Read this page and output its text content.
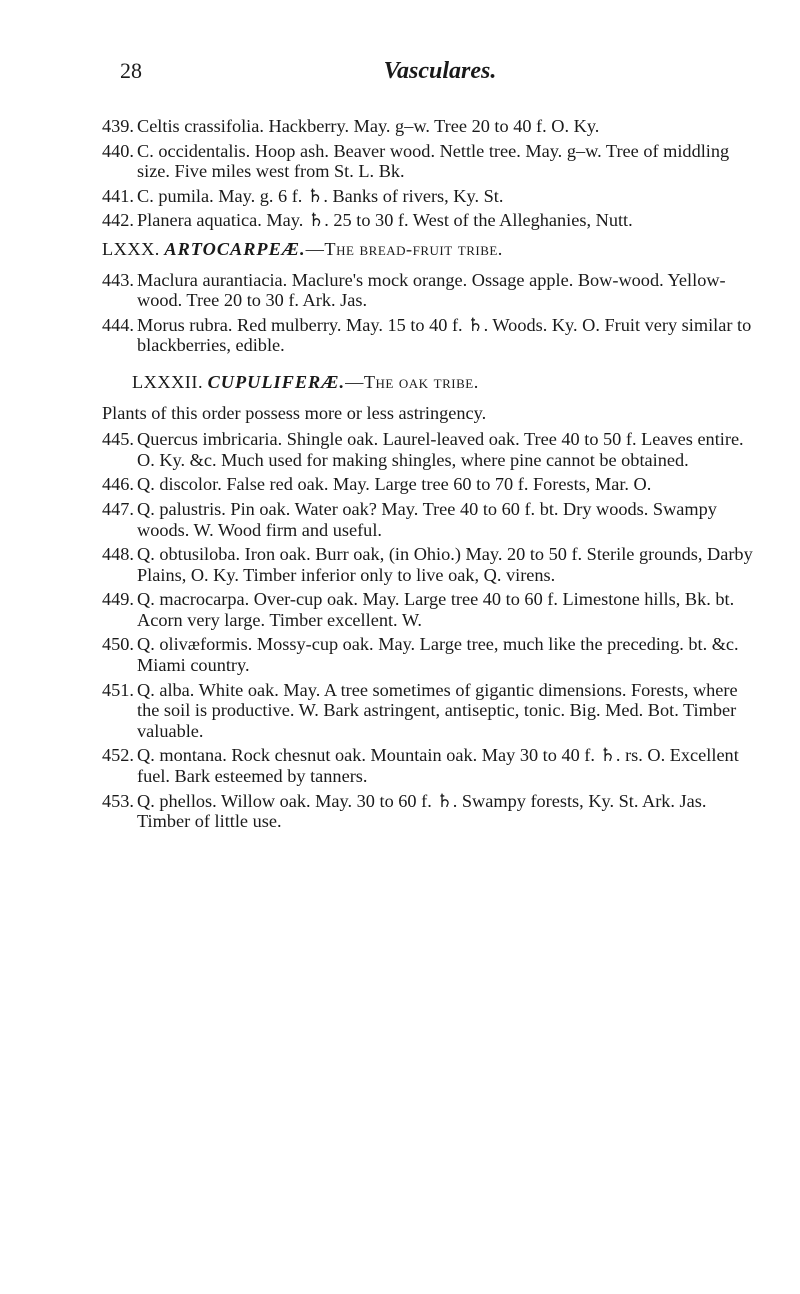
28	Vasculares.

439. Celtis crassifolia. Hackberry. May. g–w. Tree 20 to 40 f. O. Ky.

440. C. occidentalis. Hoop ash. Beaver wood. Nettle tree. May. g–w. Tree of middling size. Five miles west from St. L. Bk.

441. C. pumila. May. g. 6 f. ♄. Banks of rivers, Ky. St.

442. Planera aquatica. May. ♄. 25 to 30 f. West of the Alleghanies, Nutt.

LXXX. ARTOCARPEÆ.—The bread-fruit tribe.

443. Maclura aurantiacia. Maclure's mock orange. Ossage apple. Bow-wood. Yellow-wood. Tree 20 to 30 f. Ark. Jas.

444. Morus rubra. Red mulberry. May. 15 to 40 f. ♄. Woods. Ky. O. Fruit very similar to blackberries, edible.

LXXXII. CUPULIFERÆ.—The oak tribe.

Plants of this order possess more or less astringency.

445. Quercus imbricaria. Shingle oak. Laurel-leaved oak. Tree 40 to 50 f. Leaves entire. O. Ky. &c. Much used for making shingles, where pine cannot be obtained.

446. Q. discolor. False red oak. May. Large tree 60 to 70 f. Forests, Mar. O.

447. Q. palustris. Pin oak. Water oak? May. Tree 40 to 60 f. bt. Dry woods. Swampy woods. W. Wood firm and useful.

448. Q. obtusiloba. Iron oak. Burr oak, (in Ohio.) May. 20 to 50 f. Sterile grounds, Darby Plains, O. Ky. Timber inferior only to live oak, Q. virens.

449. Q. macrocarpa. Over-cup oak. May. Large tree 40 to 60 f. Limestone hills, Bk. bt. Acorn very large. Timber excellent. W.

450. Q. olivæformis. Mossy-cup oak. May. Large tree, much like the preceding. bt. &c. Miami country.

451. Q. alba. White oak. May. A tree sometimes of gigantic dimensions. Forests, where the soil is productive. W. Bark astringent, antiseptic, tonic. Big. Med. Bot. Timber valuable.

452. Q. montana. Rock chesnut oak. Mountain oak. May 30 to 40 f. ♄. rs. O. Excellent fuel. Bark esteemed by tanners.

453. Q. phellos. Willow oak. May. 30 to 60 f. ♄. Swampy forests, Ky. St. Ark. Jas. Timber of little use.
